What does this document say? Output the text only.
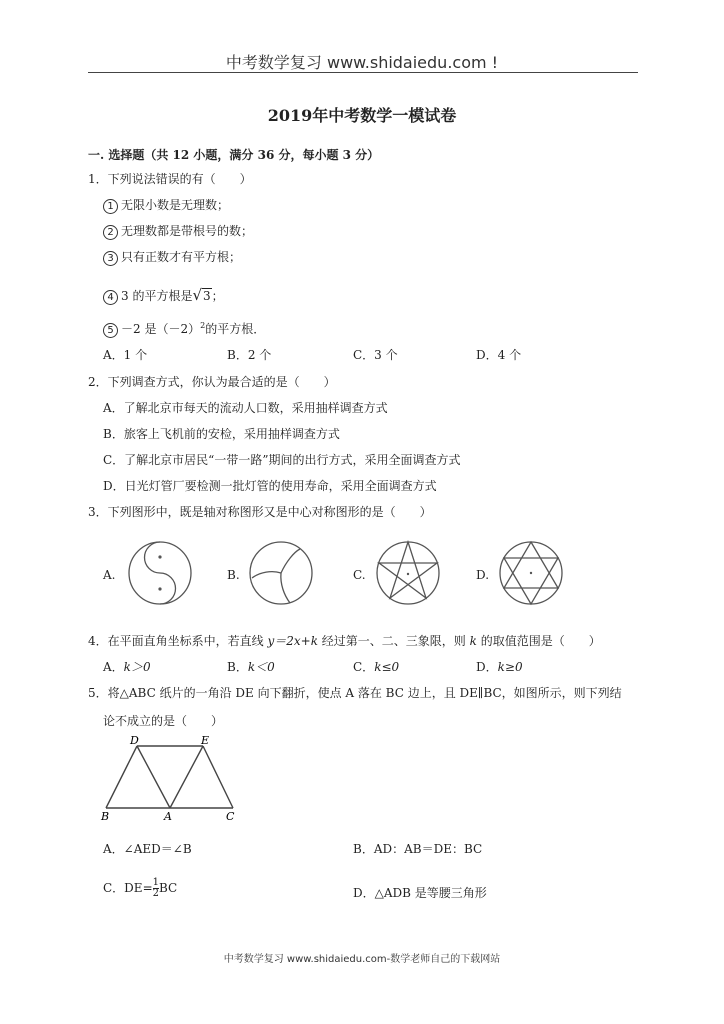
中考数学复习 www.shidaiedu.com !
2019年中考数学一模试卷
一. 选择题（共 12 小题，满分 36 分，每小题 3 分）
1．下列说法错误的有（　　）
1 无限小数是无理数；
2 无理数都是带根号的数；
3 只有正数才有平方根；
4 3 的平方根是√3；
5 －2 是$(-2)^2$的平方根．
A．1 个	B．2 个	C．3 个	D．4 个
2．下列调查方式，你认为最合适的是（　　）
A．了解北京市每天的流动人口数，采用抽样调查方式
B．旅客上飞机前的安检，采用抽样调查方式
C．了解北京市居民“一带一路”期间的出行方式，采用全面调查方式
D．日光灯管厂要检测一批灯管的使用寿命，采用全面调查方式
3．下列图形中，既是轴对称图形又是中心对称图形的是（　　）
A.	B.	C.	D.
4．在平面直角坐标系中，若直线 y＝2x+k 经过第一、二、三象限，则 k 的取值范围是（　　）
A．k＞0	B．k＜0	C．k≤0	D．k≥0
5．将△ABC 纸片的一角沿 DE 向下翻折，使点 A 落在 BC 边上，且 DE∥BC，如图所示，则下列结
论不成立的是（　　）
D	E
B	A	C
A．∠AED＝∠B	B．AD：AB＝DE：BC
C．$DE= \frac{1}{2}$ BC	D．△ADB 是等腰三角形
中考数学复习 www.shidaiedu.com-数学老师自己的下载网站
